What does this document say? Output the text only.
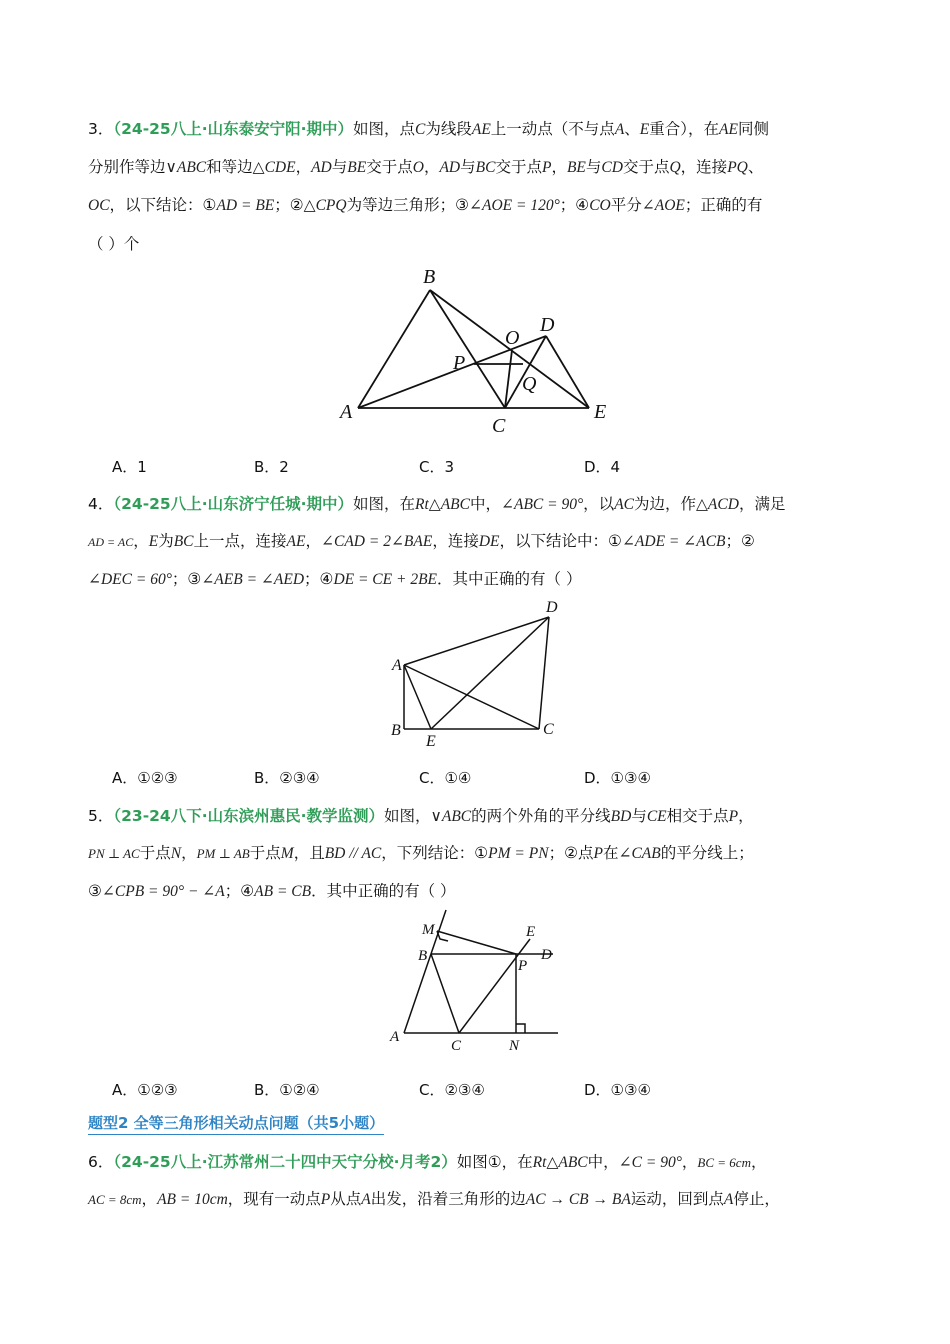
3．（24-25八上·山东泰安宁阳·期中）如图，点C为线段AE上一动点（不与点A、E重合），在AE同侧
分别作等边∨ABC和等边△CDE，AD与BE交于点O，AD与BC交于点P，BE与CD交于点Q，连接PQ、
OC，以下结论：①AD = BE；②△CPQ为等边三角形；③∠AOE = 120°；④CO平分∠AOE；正确的有
（ ）个
B
A
C
E
D
O
P
Q
A．1	B．2	C．3	D．4
4．（24-25八上·山东济宁任城·期中）如图，在Rt△ABC中，∠ABC = 90°，以AC为边，作△ACD，满足
AD = AC，E为BC上一点，连接AE，∠CAD = 2∠BAE，连接DE，以下结论中：①∠ADE = ∠ACB；②
∠DEC = 60°；③∠AEB = ∠AED；④DE = CE + 2BE．其中正确的有（ ）
A
B
E
C
D
A．①②③	B．②③④	C．①④	D．①③④
5．（23-24八下·山东滨州惠民·教学监测）如图，∨ABC的两个外角的平分线BD与CE相交于点P，
PN ⊥ AC于点N，PM ⊥ AB于点M，且BD // AC，下列结论：①PM = PN；②点P在∠CAB的平分线上；
③∠CPB = 90° − ∠A；④AB = CB．其中正确的有（ ）
M
B
E
D
P
A
C	N
A．①②③	B．①②④	C．②③④	D．①③④
题型2 全等三角形相关动点问题（共5小题）
6．（24-25八上·江苏常州二十四中天宁分校·月考2）如图①，在Rt△ABC中，∠C = 90°，BC = 6cm，
AC = 8cm，AB = 10cm，现有一动点P从点A出发，沿着三角形的边AC → CB → BA运动，回到点A停止，
